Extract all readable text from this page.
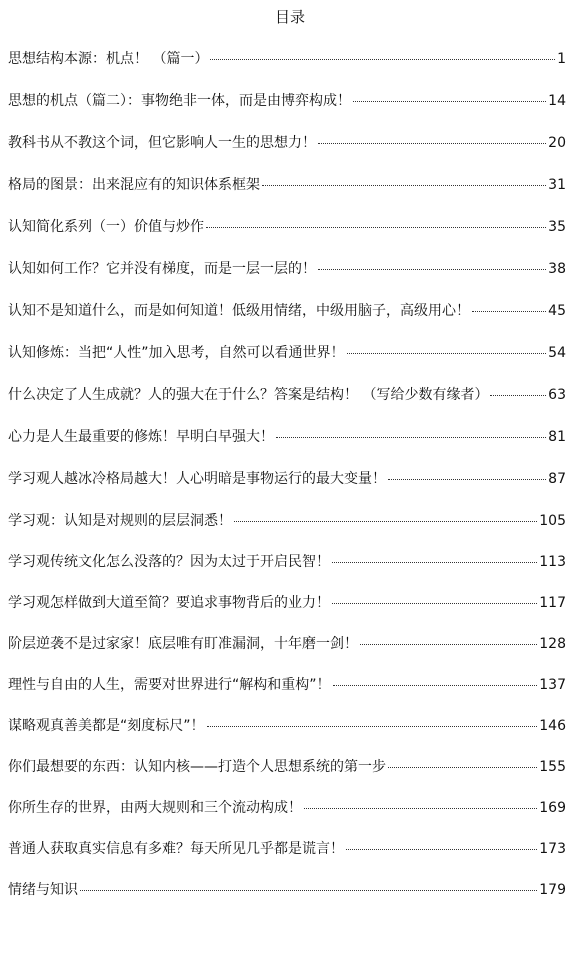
目录
思想结构本源：机点！ （篇一）	1
思想的机点（篇二）：事物绝非一体，而是由博弈构成！	14
教科书从不教这个词，但它影响人一生的思想力！	20
格局的图景：出来混应有的知识体系框架	31
认知简化系列（一）价值与炒作	35
认知如何工作？它并没有梯度，而是一层一层的！	38
认知不是知道什么，而是如何知道！低级用情绪，中级用脑子，高级用心！	45
认知修炼：当把“人性”加入思考，自然可以看通世界！	54
什么决定了人生成就？人的强大在于什么？答案是结构！ （写给少数有缘者）	63
心力是人生最重要的修炼！早明白早强大！	81
学习观人越冰冷格局越大！人心明暗是事物运行的最大变量！	87
学习观：认知是对规则的层层洞悉！	105
学习观传统文化怎么没落的？因为太过于开启民智！	113
学习观怎样做到大道至简？要追求事物背后的业力！	117
阶层逆袭不是过家家！底层唯有盯准漏洞，十年磨一剑！	128
理性与自由的人生，需要对世界进行“解构和重构”！	137
谋略观真善美都是“刻度标尺”！	146
你们最想要的东西：认知内核——打造个人思想系统的第一步	155
你所生存的世界，由两大规则和三个流动构成！	169
普通人获取真实信息有多难？每天所见几乎都是谎言！	173
情绪与知识	179
